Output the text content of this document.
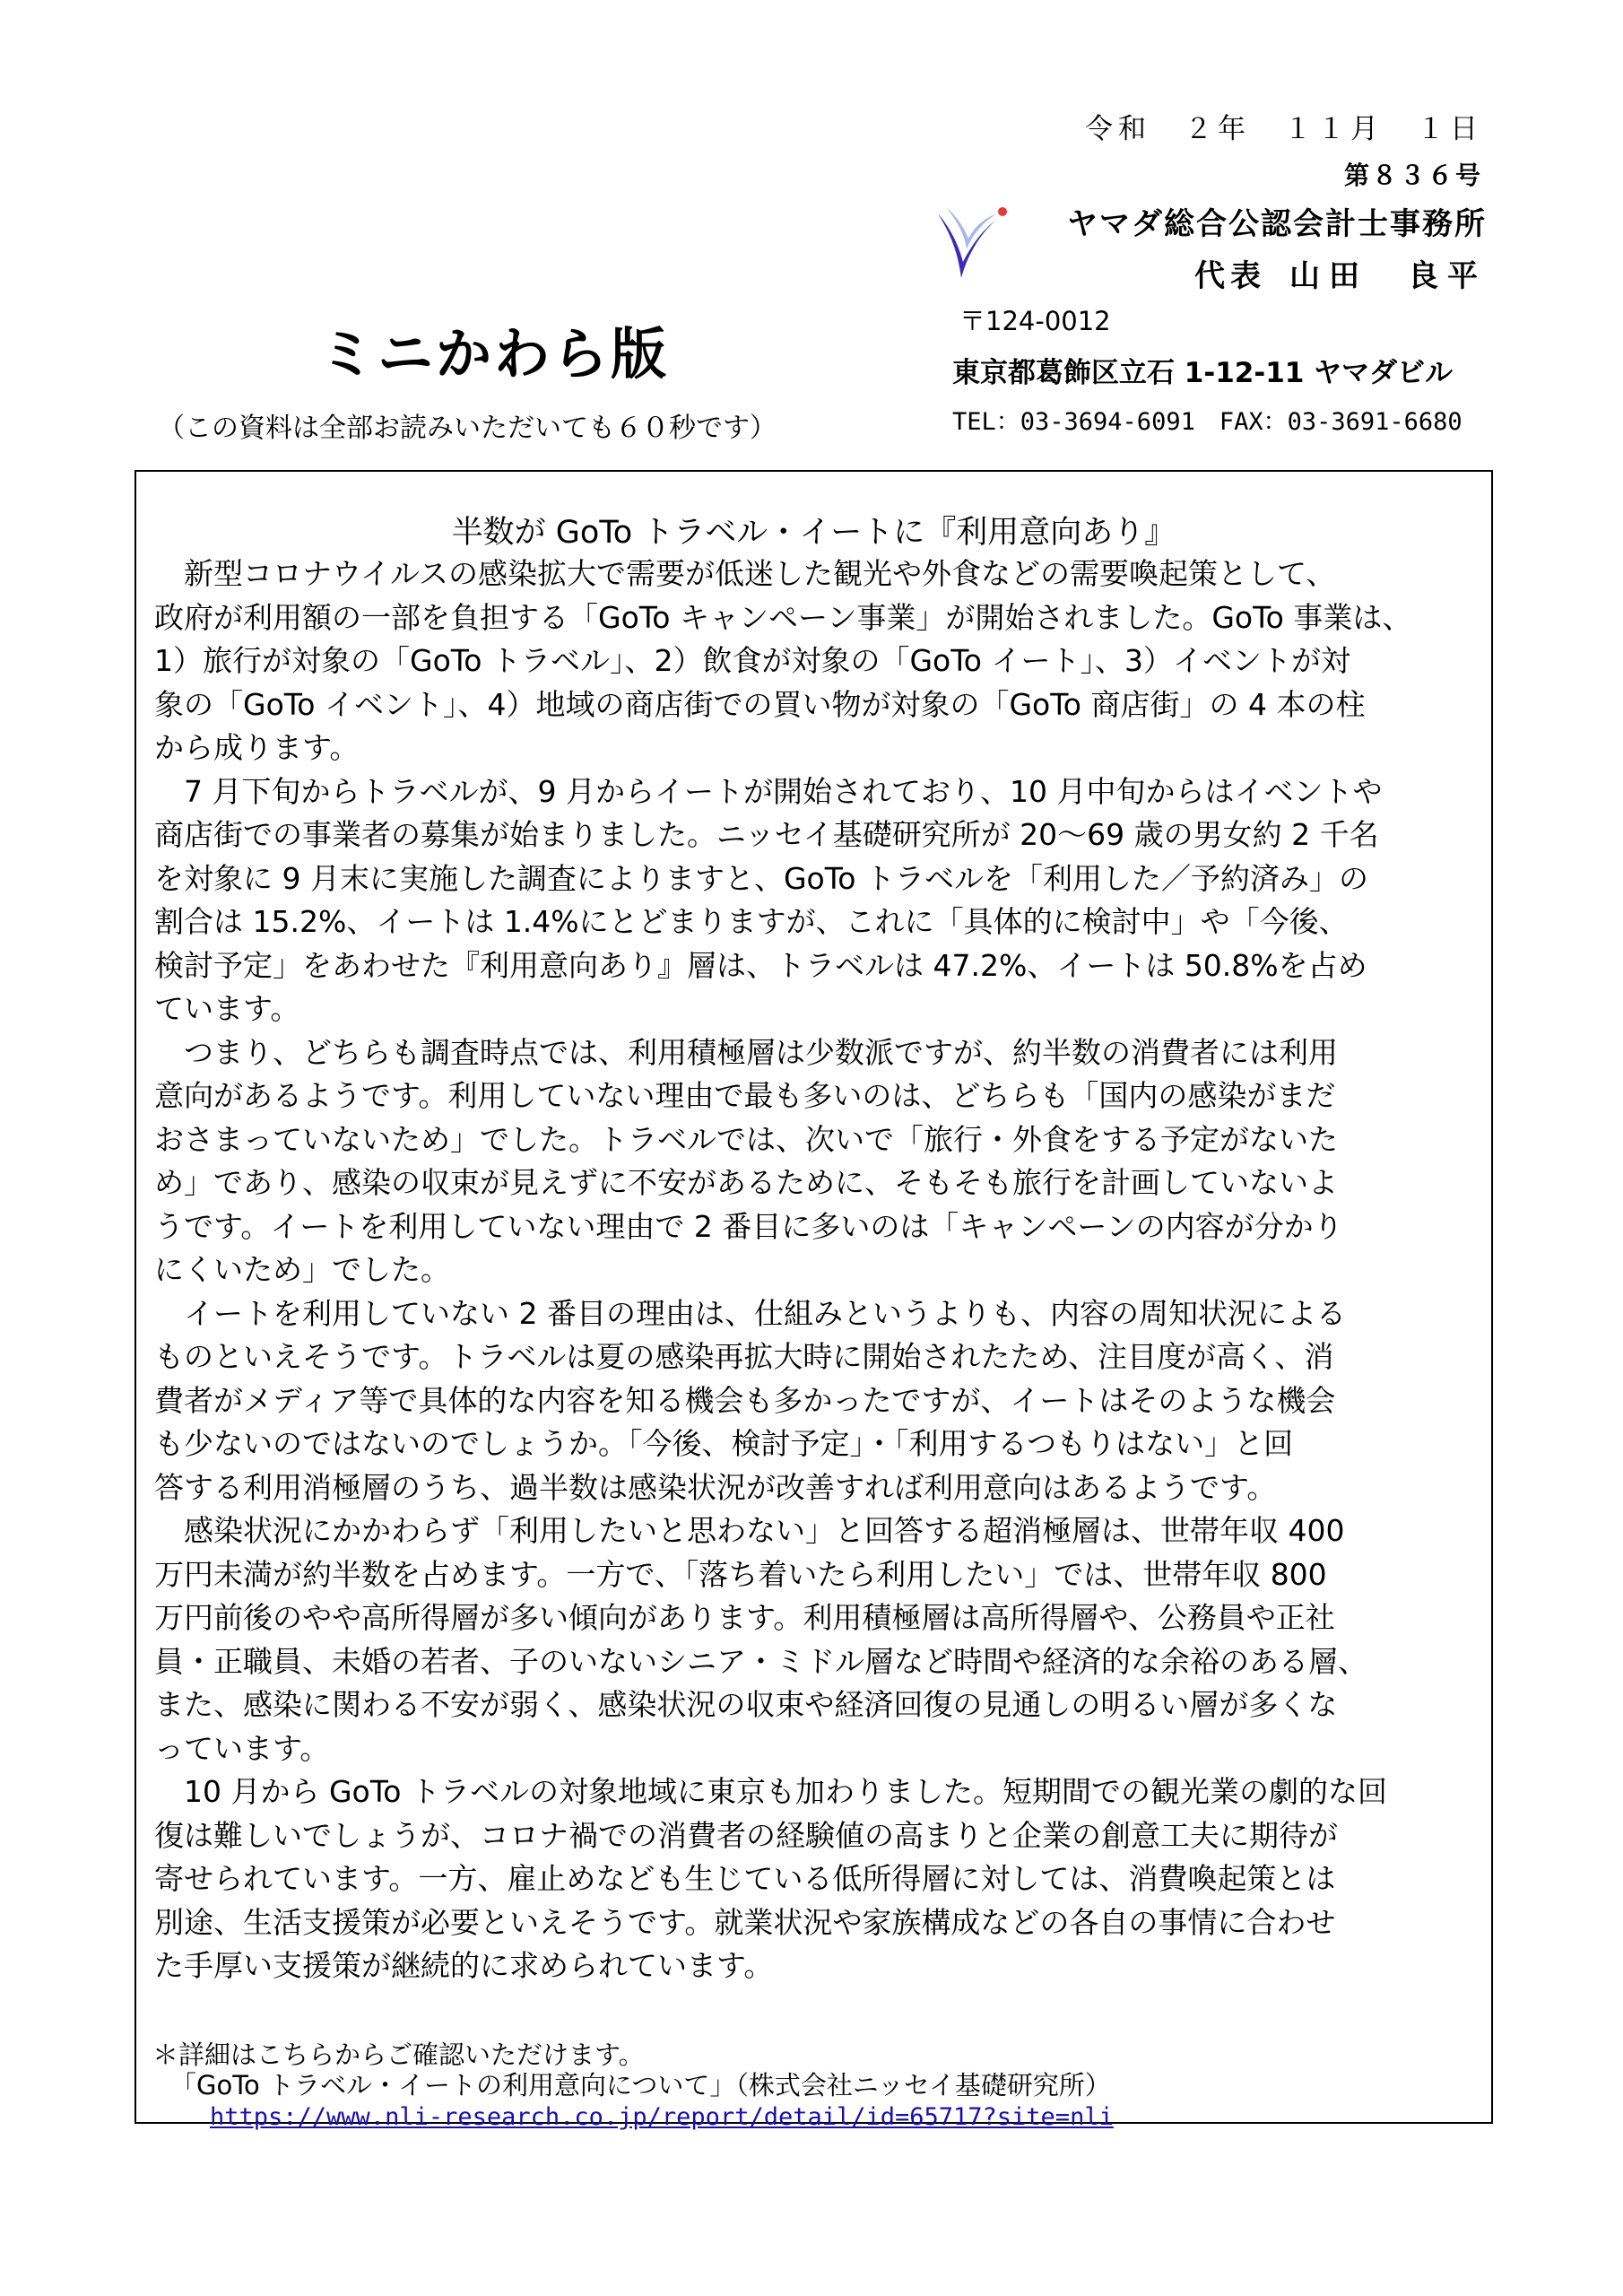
令和　２年　１１月　１日
第８３６号
ヤマダ総合公認会計士事務所
代表 山田　良平
〒124-0012
東京都葛飾区立石 1-12-11 ヤマダビル
TEL：03-3694-6091　FAX：03-3691-6680
ミニかわら版
（この資料は全部お読みいただいても６０秒です）
半数が GoTo トラベル・イートに『利用意向あり』
　新型コロナウイルスの感染拡大で需要が低迷した観光や外食などの需要喚起策として、
政府が利用額の一部を負担する「GoTo キャンペーン事業」が開始されました。GoTo 事業は、
1）旅行が対象の「GoTo トラベル」、2）飲食が対象の「GoTo イート」、3）イベントが対
象の「GoTo イベント」、4）地域の商店街での買い物が対象の「GoTo 商店街」の 4 本の柱
から成ります。
　7 月下旬からトラベルが、9 月からイートが開始されており、10 月中旬からはイベントや
商店街での事業者の募集が始まりました。ニッセイ基礎研究所が 20～69 歳の男女約 2 千名
を対象に 9 月末に実施した調査によりますと、GoTo トラベルを「利用した／予約済み」の
割合は 15.2%、イートは 1.4%にとどまりますが、これに「具体的に検討中」や「今後、
検討予定」をあわせた『利用意向あり』層は、トラベルは 47.2%、イートは 50.8%を占め
ています。
　つまり、どちらも調査時点では、利用積極層は少数派ですが、約半数の消費者には利用
意向があるようです。利用していない理由で最も多いのは、どちらも「国内の感染がまだ
おさまっていないため」でした。トラベルでは、次いで「旅行・外食をする予定がないた
め」であり、感染の収束が見えずに不安があるために、そもそも旅行を計画していないよ
うです。イートを利用していない理由で 2 番目に多いのは「キャンペーンの内容が分かり
にくいため」でした。
　イートを利用していない 2 番目の理由は、仕組みというよりも、内容の周知状況による
ものといえそうです。トラベルは夏の感染再拡大時に開始されたため、注目度が高く、消
費者がメディア等で具体的な内容を知る機会も多かったですが、イートはそのような機会
も少ないのではないのでしょうか。「今後、検討予定」・「利用するつもりはない」と回
答する利用消極層のうち、過半数は感染状況が改善すれば利用意向はあるようです。
　感染状況にかかわらず「利用したいと思わない」と回答する超消極層は、世帯年収 400
万円未満が約半数を占めます。一方で、「落ち着いたら利用したい」では、世帯年収 800
万円前後のやや高所得層が多い傾向があります。利用積極層は高所得層や、公務員や正社
員・正職員、未婚の若者、子のいないシニア・ミドル層など時間や経済的な余裕のある層、
また、感染に関わる不安が弱く、感染状況の収束や経済回復の見通しの明るい層が多くな
っています。
　10 月から GoTo トラベルの対象地域に東京も加わりました。短期間での観光業の劇的な回
復は難しいでしょうが、コロナ禍での消費者の経験値の高まりと企業の創意工夫に期待が
寄せられています。一方、雇止めなども生じている低所得層に対しては、消費喚起策とは
別途、生活支援策が必要といえそうです。就業状況や家族構成などの各自の事情に合わせ
た手厚い支援策が継続的に求められています。
＊詳細はこちらからご確認いただけます。
「GoTo トラベル・イートの利用意向について」（株式会社ニッセイ基礎研究所）
https://www.nli-research.co.jp/report/detail/id=65717?site=nli
